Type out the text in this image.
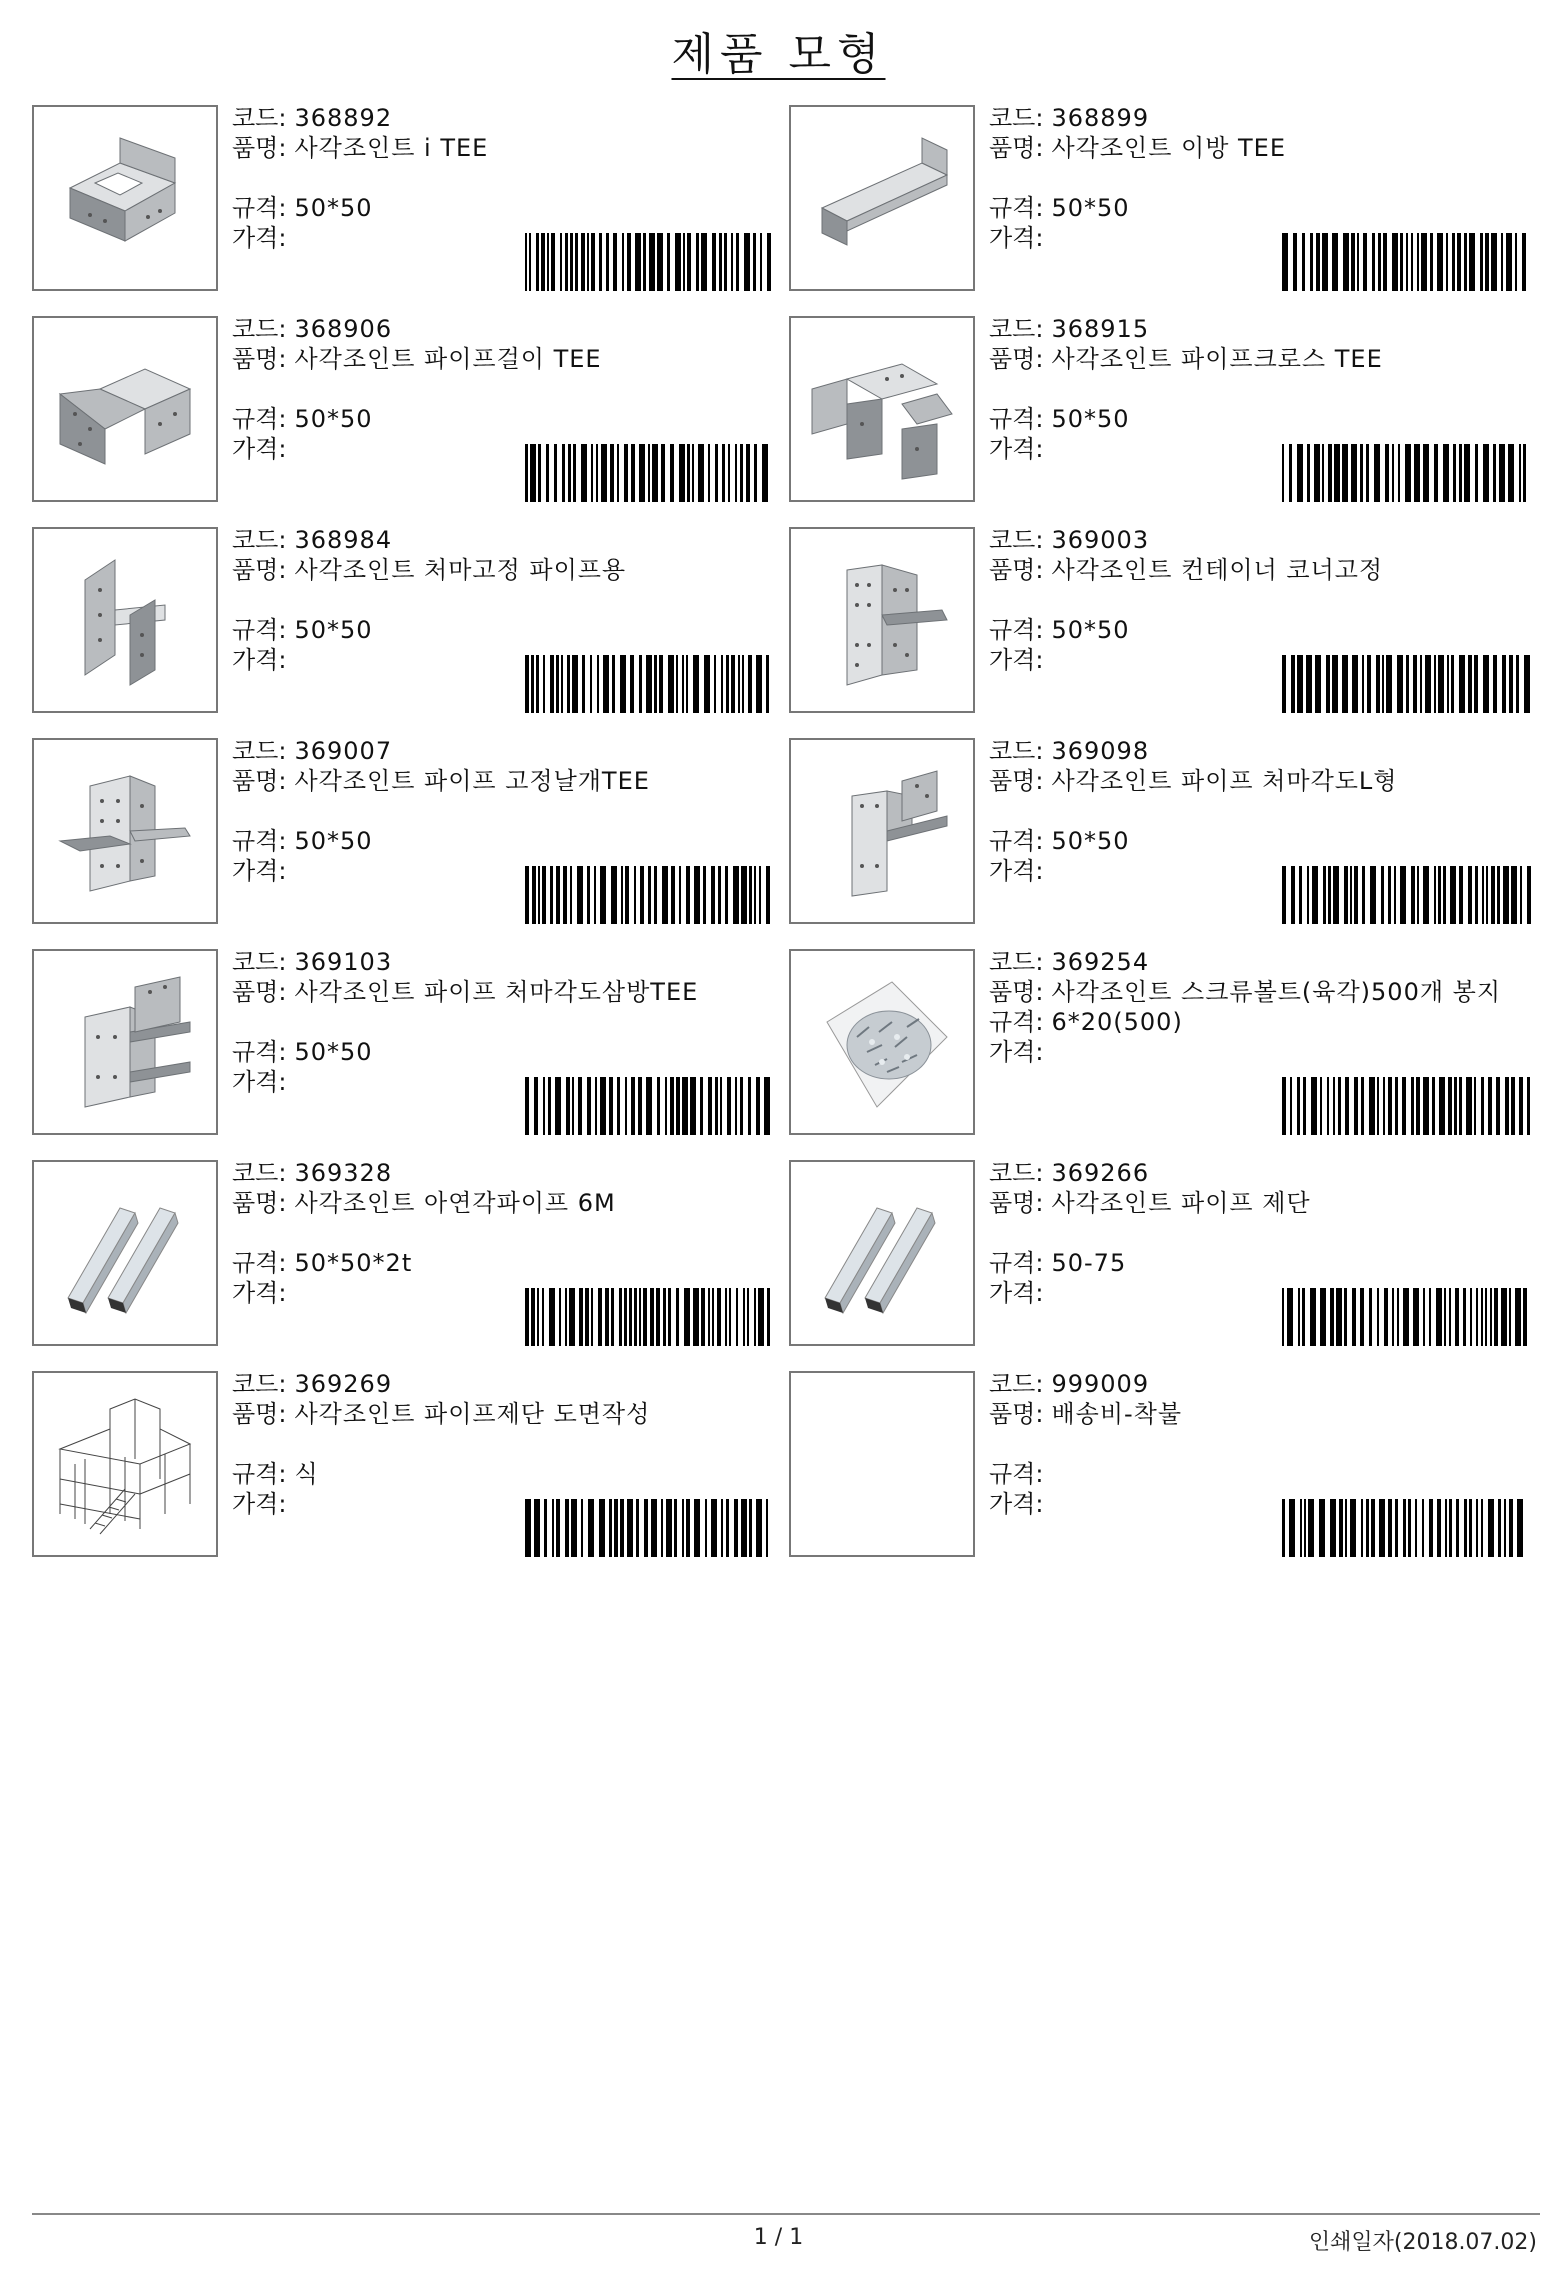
제품 모형
코드: 368892
품명: 사각조인트 i TEE
규격: 50*50
가격:
코드: 368899
품명: 사각조인트 이방 TEE
규격: 50*50
가격:
코드: 368906
품명: 사각조인트 파이프걸이 TEE
규격: 50*50
가격:
코드: 368915
품명: 사각조인트 파이프크로스 TEE
규격: 50*50
가격:
코드: 368984
품명: 사각조인트 처마고정 파이프용
규격: 50*50
가격:
코드: 369003
품명: 사각조인트 컨테이너 코너고정
규격: 50*50
가격:
코드: 369007
품명: 사각조인트 파이프 고정날개TEE
규격: 50*50
가격:
코드: 369098
품명: 사각조인트 파이프 처마각도L형
규격: 50*50
가격:
코드: 369103
품명: 사각조인트 파이프 처마각도삼방TEE
규격: 50*50
가격:
코드: 369254
품명: 사각조인트 스크류볼트(육각)500개 봉지
규격: 6*20(500)
가격:
코드: 369328
품명: 사각조인트 아연각파이프 6M
규격: 50*50*2t
가격:
코드: 369266
품명: 사각조인트 파이프 제단
규격: 50-75
가격:
코드: 369269
품명: 사각조인트 파이프제단 도면작성
규격: 식
가격:
코드: 999009
품명: 배송비-착불
규격:
가격:
1 / 1	인쇄일자(2018.07.02)
